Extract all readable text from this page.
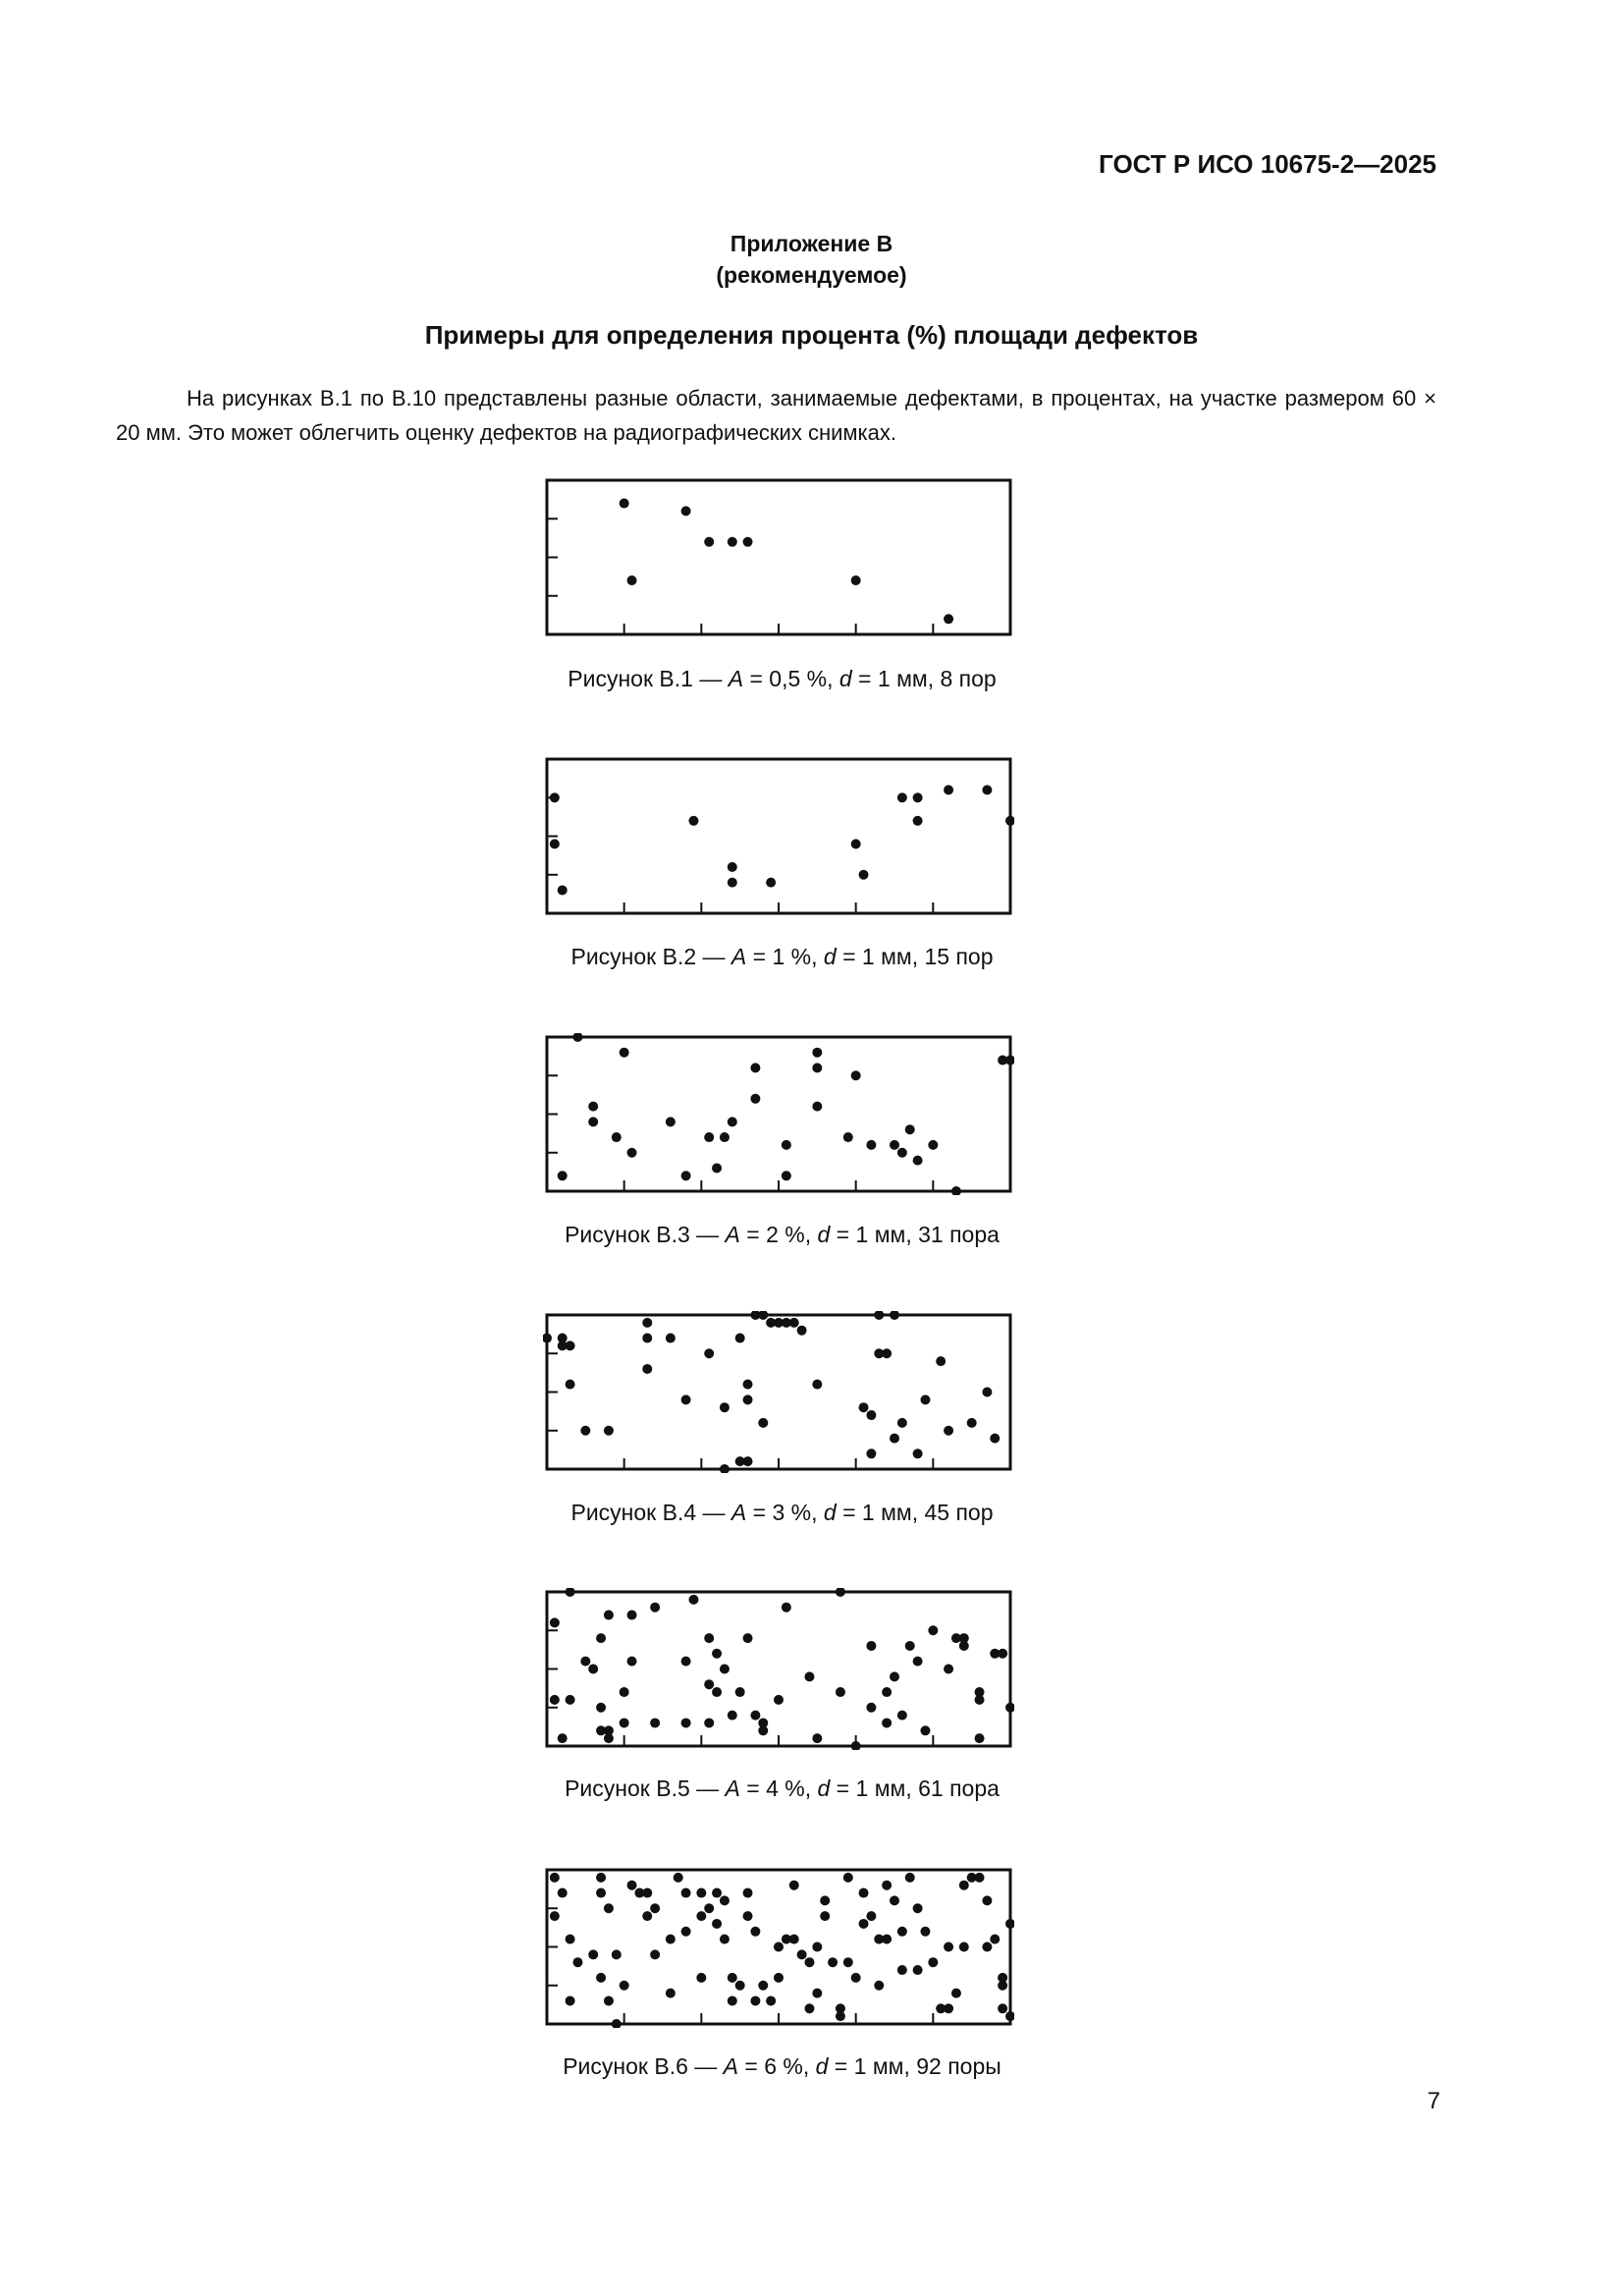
ГОСТ Р ИСО 10675-2—2025
Приложение В
(рекомендуемое)
Примеры для определения процента (%) площади дефектов

На рисунках В.1 по В.10 представлены разные области, занимаемые дефектами, в процентах, на участке размером 60 × 20 мм. Это может облегчить оценку дефектов на радиографических снимках.

Рисунок В.1 — A = 0,5 %, d = 1 мм, 8 пор
Рисунок В.2 — A = 1 %, d = 1 мм, 15 пор
Рисунок В.3 — A = 2 %, d = 1 мм, 31 пора
Рисунок В.4 — A = 3 %, d = 1 мм, 45 пор
Рисунок В.5 — A = 4 %, d = 1 мм, 61 пора
Рисунок В.6 — A = 6 %, d = 1 мм, 92 поры
7
